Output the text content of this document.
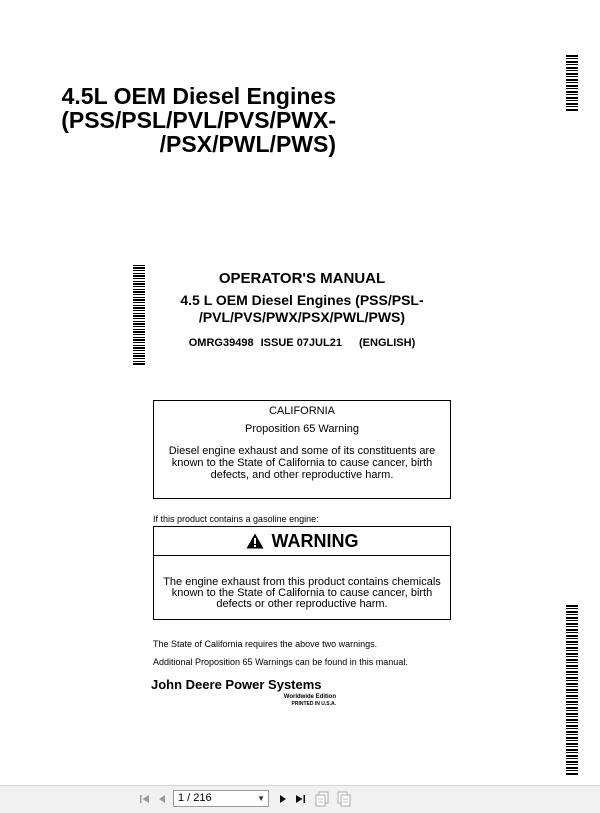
4.5L OEM Diesel Engines
(PSS/PSL/PVL/PVS/PWX-
/PSX/PWL/PWS)
OPERATOR'S MANUAL
4.5 L OEM Diesel Engines (PSS/PSL-
/PVL/PVS/PWX/PSX/PWL/PWS)
OMRG39498 ISSUE 07JUL21 (ENGLISH)
CALIFORNIA
Proposition 65 Warning
Diesel engine exhaust and some of its constituents are known to the State of California to cause cancer, birth defects, and other reproductive harm.
If this product contains a gasoline engine:
WARNING
The engine exhaust from this product contains chemicals known to the State of California to cause cancer, birth defects or other reproductive harm.
The State of California requires the above two warnings.
Additional Proposition 65 Warnings can be found in this manual.
John Deere Power Systems
Worldwide Edition
PRINTED IN U.S.A.
1 / 216	▼
